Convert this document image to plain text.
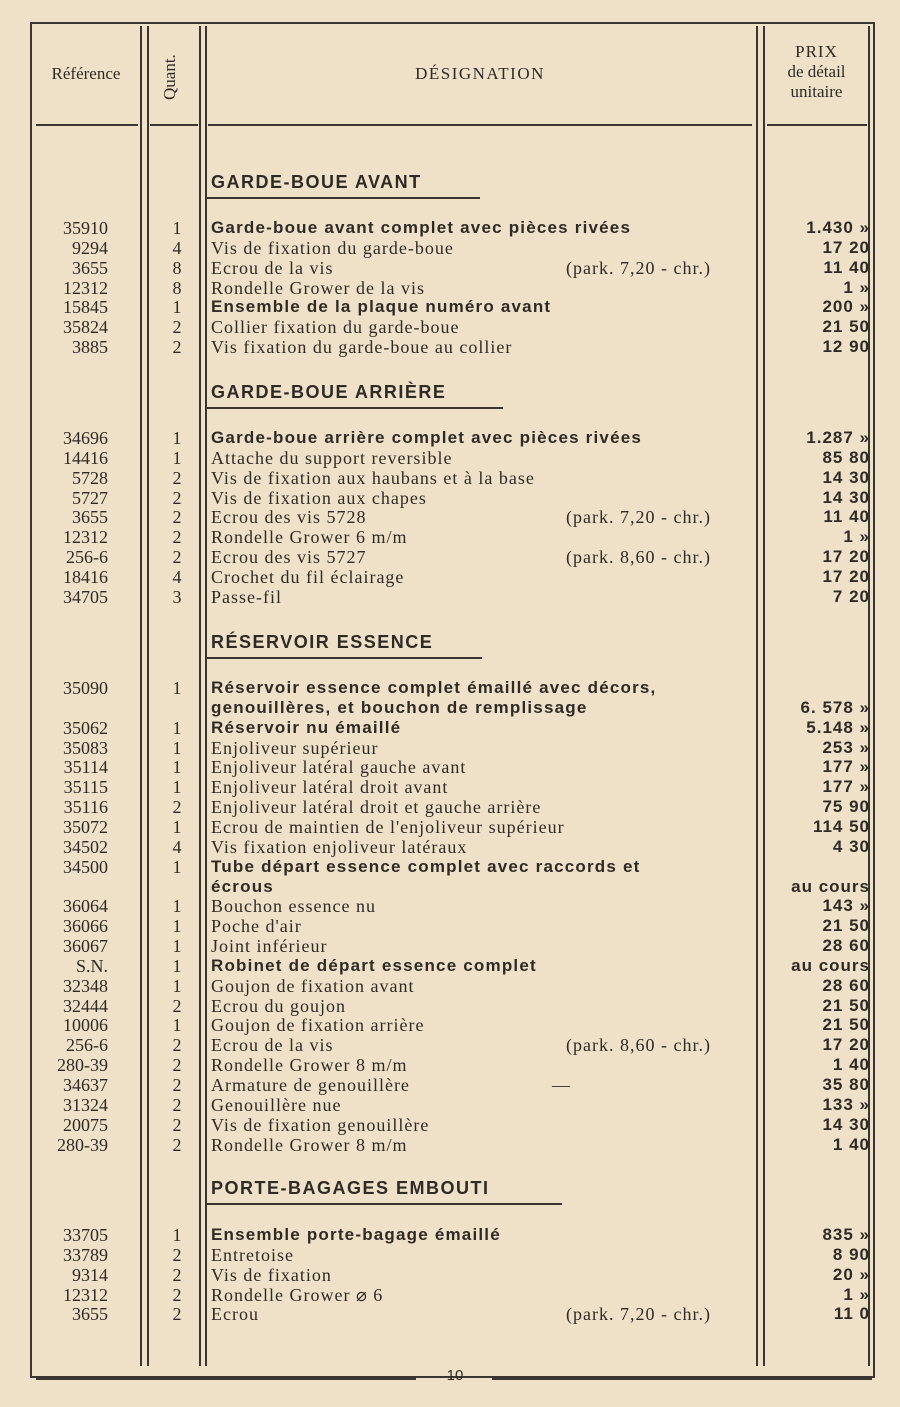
Référence	Quant.	DÉSIGNATION
PRIX
de détail
unitaire
GARDE-BOUE AVANT
35910	1	Garde-boue avant complet avec pièces rivées	1.430 »
9294	4	Vis de fixation du garde-boue	17 20
3655	8	Ecrou de la vis	(park. 7,20 - chr.)	11 40
12312	8	Rondelle Grower de la vis	1 »
15845	1	Ensemble de la plaque numéro avant	200 »
35824	2	Collier fixation du garde-boue	21 50
3885	2	Vis fixation du garde-boue au collier	12 90
GARDE-BOUE ARRIÈRE
34696	1	Garde-boue arrière complet avec pièces rivées	1.287 »
14416	1	Attache du support reversible	85 80
5728	2	Vis de fixation aux haubans et à la base	14 30
5727	2	Vis de fixation aux chapes	14 30
3655	2	Ecrou des vis 5728	(park. 7,20 - chr.)	11 40
12312	2	Rondelle Grower 6 m/m	1 »
256-6	2	Ecrou des vis 5727	(park. 8,60 - chr.)	17 20
18416	4	Crochet du fil éclairage	17 20
34705	3	Passe-fil	7 20
RÉSERVOIR ESSENCE
35090	1	Réservoir essence complet émaillé avec décors,
genouillères, et bouchon de remplissage	6. 578 »
35062	1	Réservoir nu émaillé	5.148 »
35083	1	Enjoliveur supérieur	253 »
35114	1	Enjoliveur latéral gauche avant	177 »
35115	1	Enjoliveur latéral droit avant	177 »
35116	2	Enjoliveur latéral droit et gauche arrière	75 90
35072	1	Ecrou de maintien de l'enjoliveur supérieur	114 50
34502	4	Vis fixation enjoliveur latéraux	4 30
34500	1	Tube départ essence complet avec raccords et
écrous	au cours
36064	1	Bouchon essence nu	143 »
36066	1	Poche d'air	21 50
36067	1	Joint inférieur	28 60
S.N.	1	Robinet de départ essence complet	au cours
32348	1	Goujon de fixation avant	28 60
32444	2	Ecrou du goujon	21 50
10006	1	Goujon de fixation arrière	21 50
256-6	2	Ecrou de la vis	(park. 8,60 - chr.)	17 20
280-39	2	Rondelle Grower 8 m/m	1 40
34637	2	Armature de genouillère	—	35 80
31324	2	Genouillère nue	133 »
20075	2	Vis de fixation genouillère	14 30
280-39	2	Rondelle Grower 8 m/m	1 40
PORTE-BAGAGES EMBOUTI
33705	1	Ensemble porte-bagage émaillé	835 »
33789	2	Entretoise	8 90
9314	2	Vis de fixation	20 »
12312	2	Rondelle Grower ⌀ 6	1 »
3655	2	Ecrou	(park. 7,20 - chr.)	11 0
10
